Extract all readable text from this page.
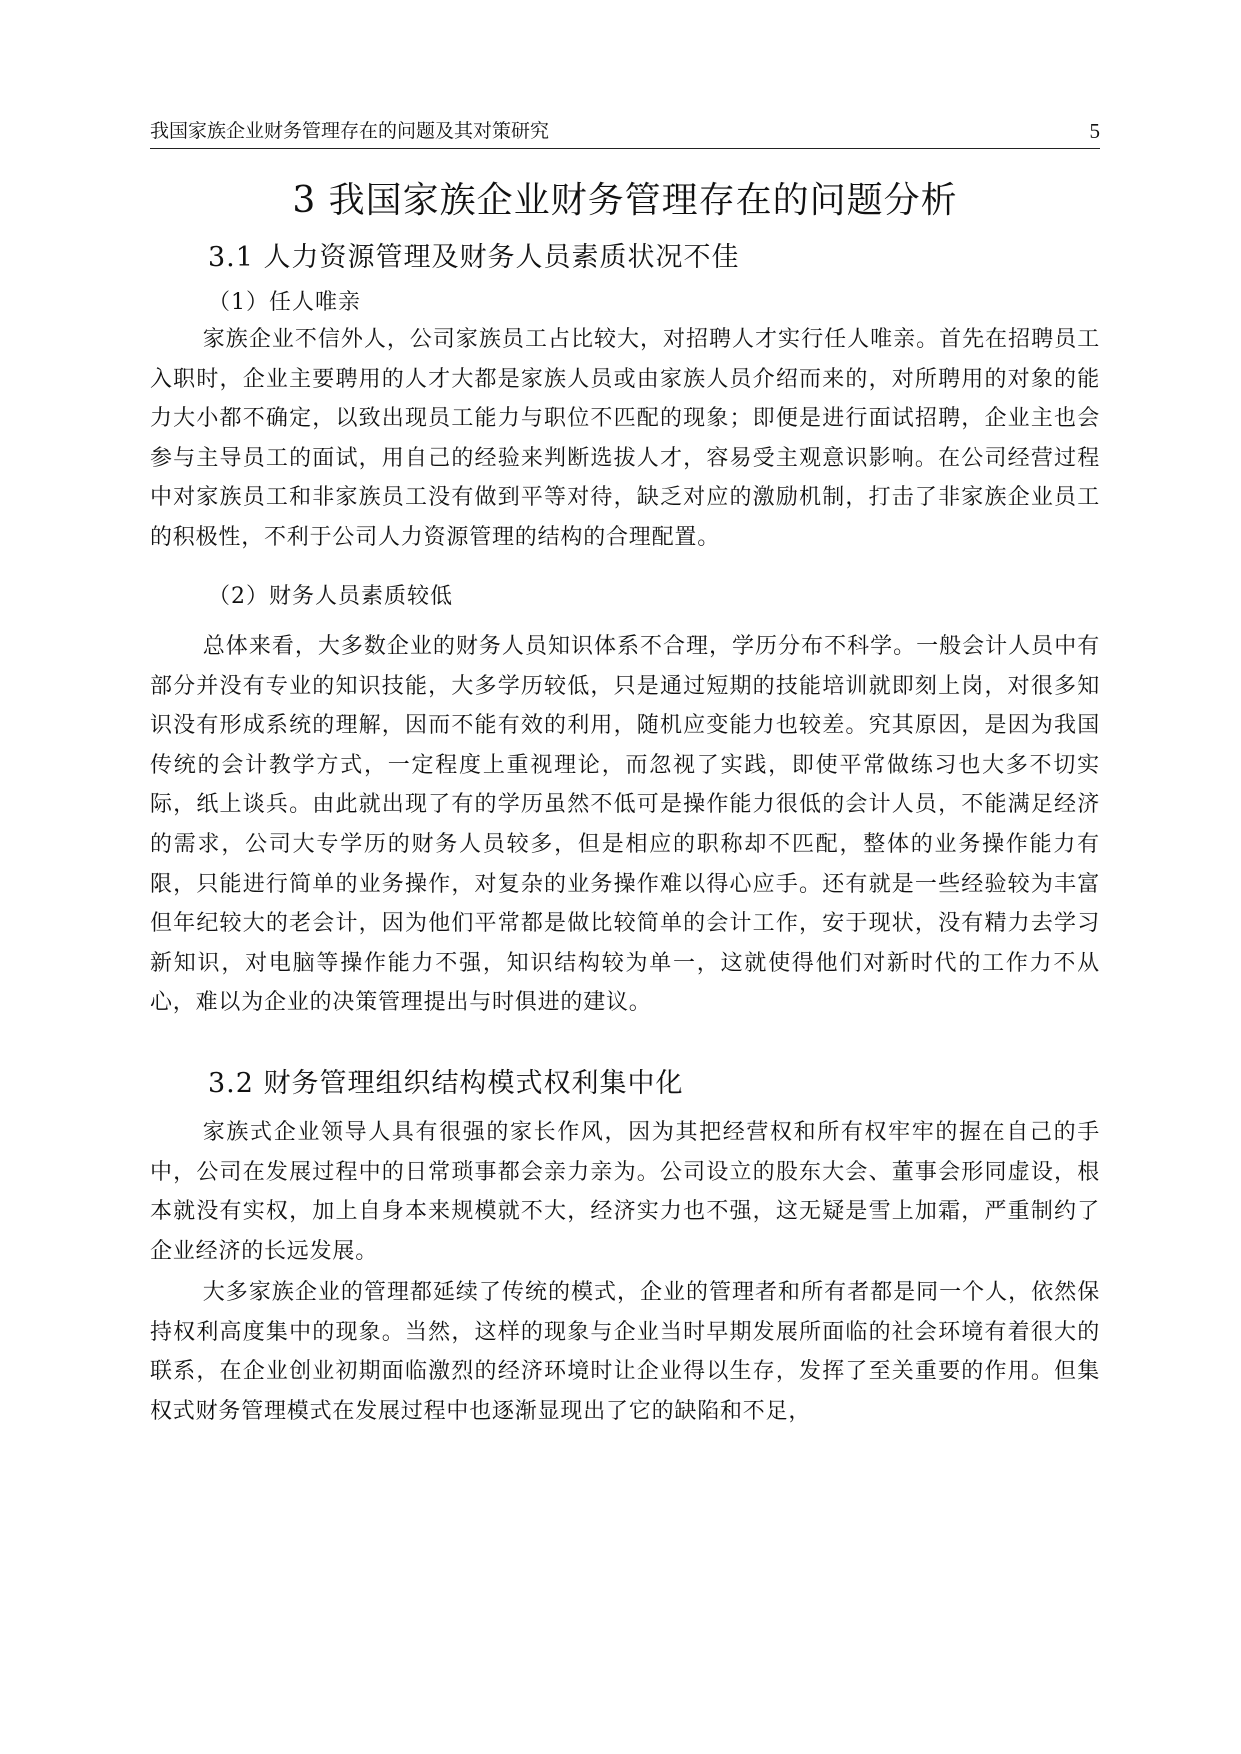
我国家族企业财务管理存在的问题及其对策研究	5
3 我国家族企业财务管理存在的问题分析
3.1 人力资源管理及财务人员素质状况不佳
（1）任人唯亲

家族企业不信外人，公司家族员工占比较大，对招聘人才实行任人唯亲。首先在招聘员工入职时，企业主要聘用的人才大都是家族人员或由家族人员介绍而来的，对所聘用的对象的能力大小都不确定，以致出现员工能力与职位不匹配的现象；即便是进行面试招聘，企业主也会参与主导员工的面试，用自己的经验来判断选拔人才，容易受主观意识影响。在公司经营过程中对家族员工和非家族员工没有做到平等对待，缺乏对应的激励机制，打击了非家族企业员工的积极性，不利于公司人力资源管理的结构的合理配置。

（2）财务人员素质较低

总体来看，大多数企业的财务人员知识体系不合理，学历分布不科学。一般会计人员中有部分并没有专业的知识技能，大多学历较低，只是通过短期的技能培训就即刻上岗，对很多知识没有形成系统的理解，因而不能有效的利用，随机应变能力也较差。究其原因，是因为我国传统的会计教学方式，一定程度上重视理论，而忽视了实践，即使平常做练习也大多不切实际，纸上谈兵。由此就出现了有的学历虽然不低可是操作能力很低的会计人员，不能满足经济的需求，公司大专学历的财务人员较多，但是相应的职称却不匹配，整体的业务操作能力有限，只能进行简单的业务操作，对复杂的业务操作难以得心应手。还有就是一些经验较为丰富但年纪较大的老会计，因为他们平常都是做比较简单的会计工作，安于现状，没有精力去学习新知识，对电脑等操作能力不强，知识结构较为单一，这就使得他们对新时代的工作力不从心，难以为企业的决策管理提出与时俱进的建议。

3.2 财务管理组织结构模式权利集中化

家族式企业领导人具有很强的家长作风，因为其把经营权和所有权牢牢的握在自己的手中，公司在发展过程中的日常琐事都会亲力亲为。公司设立的股东大会、董事会形同虚设，根本就没有实权，加上自身本来规模就不大，经济实力也不强，这无疑是雪上加霜，严重制约了企业经济的长远发展。

大多家族企业的管理都延续了传统的模式，企业的管理者和所有者都是同一个人，依然保持权利高度集中的现象。当然，这样的现象与企业当时早期发展所面临的社会环境有着很大的联系，在企业创业初期面临激烈的经济环境时让企业得以生存，发挥了至关重要的作用。但集权式财务管理模式在发展过程中也逐渐显现出了它的缺陷和不足，
